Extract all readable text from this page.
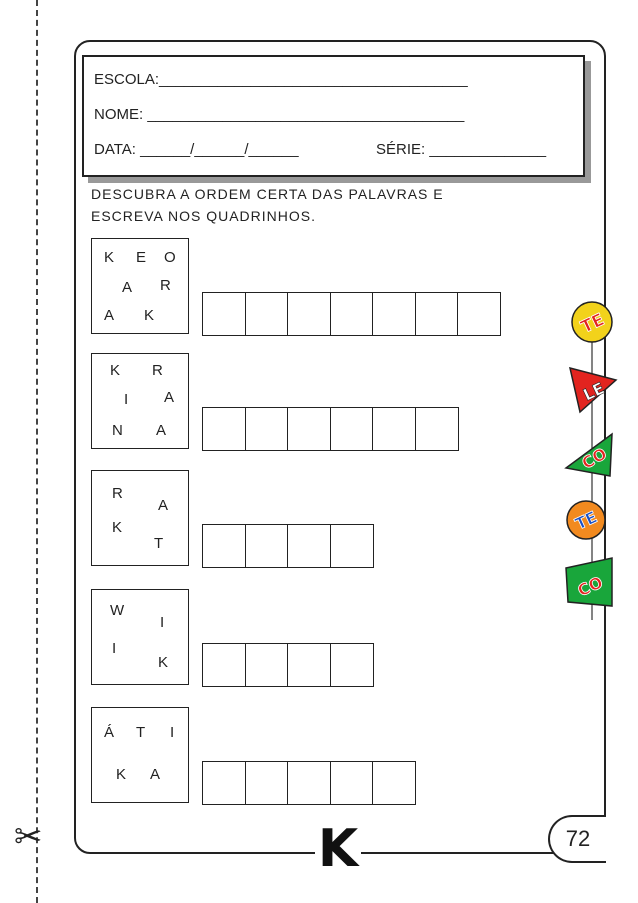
✂
ESCOLA:_____________________________________
NOME: ______________________________________
DATA: ______/______/______	SÉRIE: ______________
DESCUBRA A ORDEM CERTA DAS PALAVRAS E
ESCREVA NOS QUADRINHOS.
K E O
A R
A K
K R
I A
N A
R
A
K
T
W
I
I
K
Á T I
K A
TE
LE
CO
TE
CO
K	72
